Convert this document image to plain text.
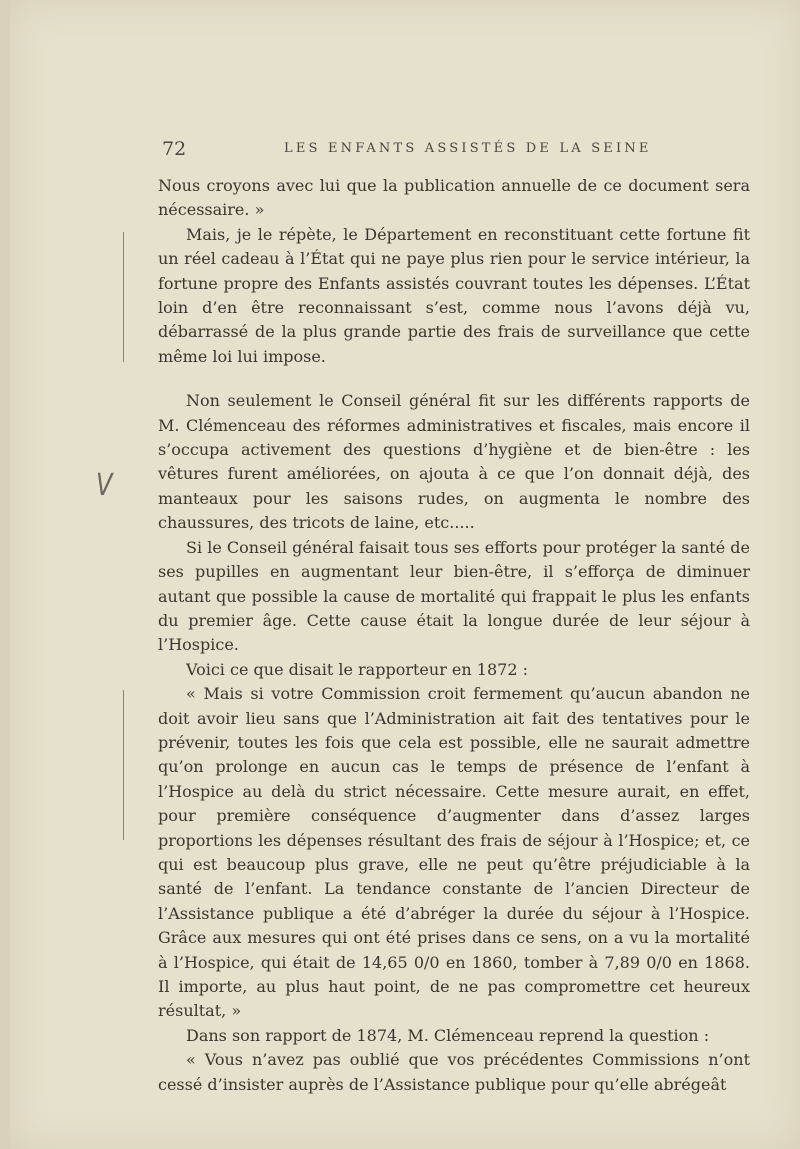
72	LES ENFANTS ASSISTÉS DE LA SEINE
V

Nous croyons avec lui que la publication annuelle de ce document sera nécessaire. »

Mais, je le répète, le Département en reconstituant cette fortune fit un réel cadeau à l’État qui ne paye plus rien pour le service intérieur, la fortune propre des Enfants assistés couvrant toutes les dépenses. L’État loin d’en être reconnaissant s’est, comme nous l’avons déjà vu, débarrassé de la plus grande partie des frais de surveillance que cette même loi lui impose.

Non seulement le Conseil général fit sur les différents rapports de M. Clémenceau des réformes administratives et fiscales, mais encore il s’occupa activement des questions d’hygiène et de bien-être : les vêtures furent améliorées, on ajouta à ce que l’on donnait déjà, des manteaux pour les saisons rudes, on augmenta le nombre des chaussures, des tricots de laine, etc.....

Si le Conseil général faisait tous ses efforts pour protéger la santé de ses pupilles en augmentant leur bien-être, il s’efforça de diminuer autant que possible la cause de mortalité qui frappait le plus les enfants du premier âge. Cette cause était la longue durée de leur séjour à l’Hospice.

Voici ce que disait le rapporteur en 1872 :

« Mais si votre Commission croit fermement qu’aucun abandon ne doit avoir lieu sans que l’Administration ait fait des tentatives pour le prévenir, toutes les fois que cela est possible, elle ne saurait admettre qu’on prolonge en aucun cas le temps de présence de l’enfant à l’Hospice au delà du strict nécessaire. Cette mesure aurait, en effet, pour première conséquence d’augmenter dans d’assez larges proportions les dépenses résultant des frais de séjour à l’Hospice; et, ce qui est beaucoup plus grave, elle ne peut qu’être préjudiciable à la santé de l’enfant. La tendance constante de l’ancien Directeur de l’Assistance publique a été d’abréger la durée du séjour à l’Hospice. Grâce aux mesures qui ont été prises dans ce sens, on a vu la mortalité à l’Hospice, qui était de 14,65 0/0 en 1860, tomber à 7,89 0/0 en 1868. Il importe, au plus haut point, de ne pas compromettre cet heureux résultat, »

Dans son rapport de 1874, M. Clémenceau reprend la question :

« Vous n’avez pas oublié que vos précédentes Commissions n’ont cessé d’insister auprès de l’Assistance publique pour qu’elle abrégeât
